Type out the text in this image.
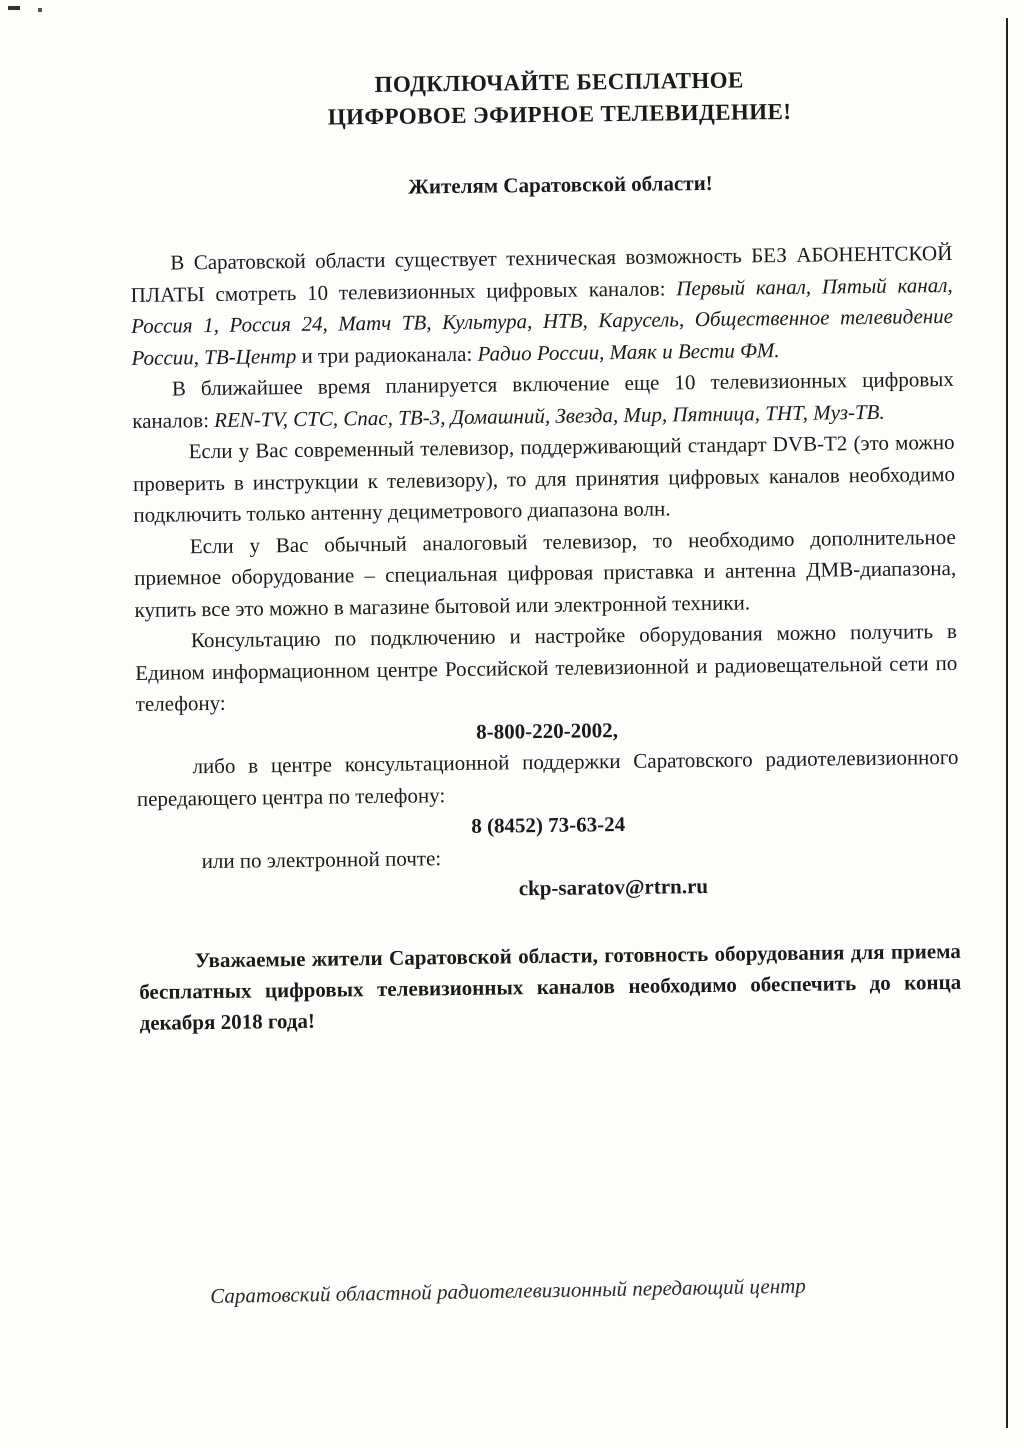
ПОДКЛЮЧАЙТЕ БЕСПЛАТНОЕ
ЦИФРОВОЕ ЭФИРНОЕ ТЕЛЕВИДЕНИЕ!
Жителям Саратовской области!

В Саратовской области существует техническая возможность БЕЗ АБОНЕНТСКОЙ ПЛАТЫ смотреть 10 телевизионных цифровых каналов: Первый канал, Пятый канал, Россия 1, Россия 24, Матч ТВ, Культура, НТВ, Карусель, Общественное телевидение России, ТВ-Центр и три радиоканала: Радио России, Маяк и Вести ФМ.

В ближайшее время планируется включение еще 10 телевизионных цифровых каналов: REN-TV, СТС, Спас, ТВ-3, Домашний, Звезда, Мир, Пятница, ТНТ, Муз-ТВ.

Если у Вас современный телевизор, поддерживающий стандарт DVB-T2 (это можно проверить в инструкции к телевизору), то для принятия цифровых каналов необходимо подключить только антенну дециметрового диапазона волн.

Если у Вас обычный аналоговый телевизор, то необходимо дополнительное приемное оборудование – специальная цифровая приставка и антенна ДМВ-диапазона, купить все это можно в магазине бытовой или электронной техники.

Консультацию по подключению и настройке оборудования можно получить в Едином информационном центре Российской телевизионной и радиовещательной сети по телефону:

8-800-220-2002,

либо в центре консультационной поддержки Саратовского радиотелевизионного передающего центра по телефону:

8 (8452) 73-63-24

или по электронной почте:

ckp-saratov@rtrn.ru

Уважаемые жители Саратовской области, готовность оборудования для приема бесплатных цифровых телевизионных каналов необходимо обеспечить до конца декабря 2018 года!

Саратовский областной радиотелевизионный передающий центр
